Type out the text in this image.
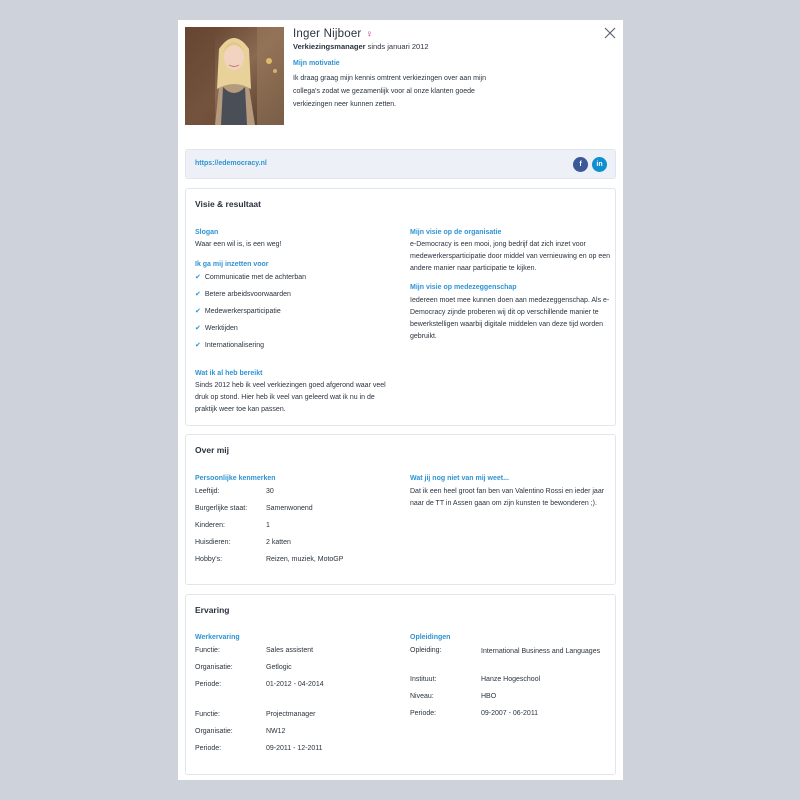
Inger Nijboer ♀
Verkiezingsmanager sinds januari 2012
Mijn motivatie
Ik draag graag mijn kennis omtrent verkiezingen over aan mijn collega's zodat we gezamenlijk voor al onze klanten goede verkiezingen neer kunnen zetten.
https://edemocracy.nl	f	in
Visie & resultaat
Slogan
Waar een wil is, is een weg!
Ik ga mij inzetten voor
✔ Communicatie met de achterban
✔ Betere arbeidsvoorwaarden
✔ Medewerkersparticipatie
✔ Werktijden
✔ Internationalisering
Wat ik al heb bereikt
Sinds 2012 heb ik veel verkiezingen goed afgerond waar veel druk op stond. Hier heb ik veel van geleerd wat ik nu in de praktijk weer toe kan passen.
Mijn visie op de organisatie
e-Democracy is een mooi, jong bedrijf dat zich inzet voor medewerkersparticipatie door middel van vernieuwing en op een andere manier naar participatie te kijken.
Mijn visie op medezeggenschap
Iedereen moet mee kunnen doen aan medezeggenschap. Als e-Democracy zijnde proberen wij dit op verschillende manier te bewerkstelligen waarbij digitale middelen van deze tijd worden gebruikt.
Over mij
Persoonlijke kenmerken
Leeftijd:	30
Burgerlijke staat:	Samenwonend
Kinderen:	1
Huisdieren:	2 katten
Hobby's:	Reizen, muziek, MotoGP
Wat jij nog niet van mij weet...
Dat ik een heel groot fan ben van Valentino Rossi en ieder jaar naar de TT in Assen gaan om zijn kunsten te bewonderen ;).
Ervaring
Werkervaring
Functie:	Sales assistent
Organisatie:	Getlogic
Periode:	01-2012 - 04-2014
Functie:	Projectmanager
Organisatie:	NW12
Periode:	09-2011 - 12-2011
Opleidingen
Opleiding:	International Business and Languages
Instituut:	Hanze Hogeschool
Niveau:	HBO
Periode:	09-2007 - 06-2011
